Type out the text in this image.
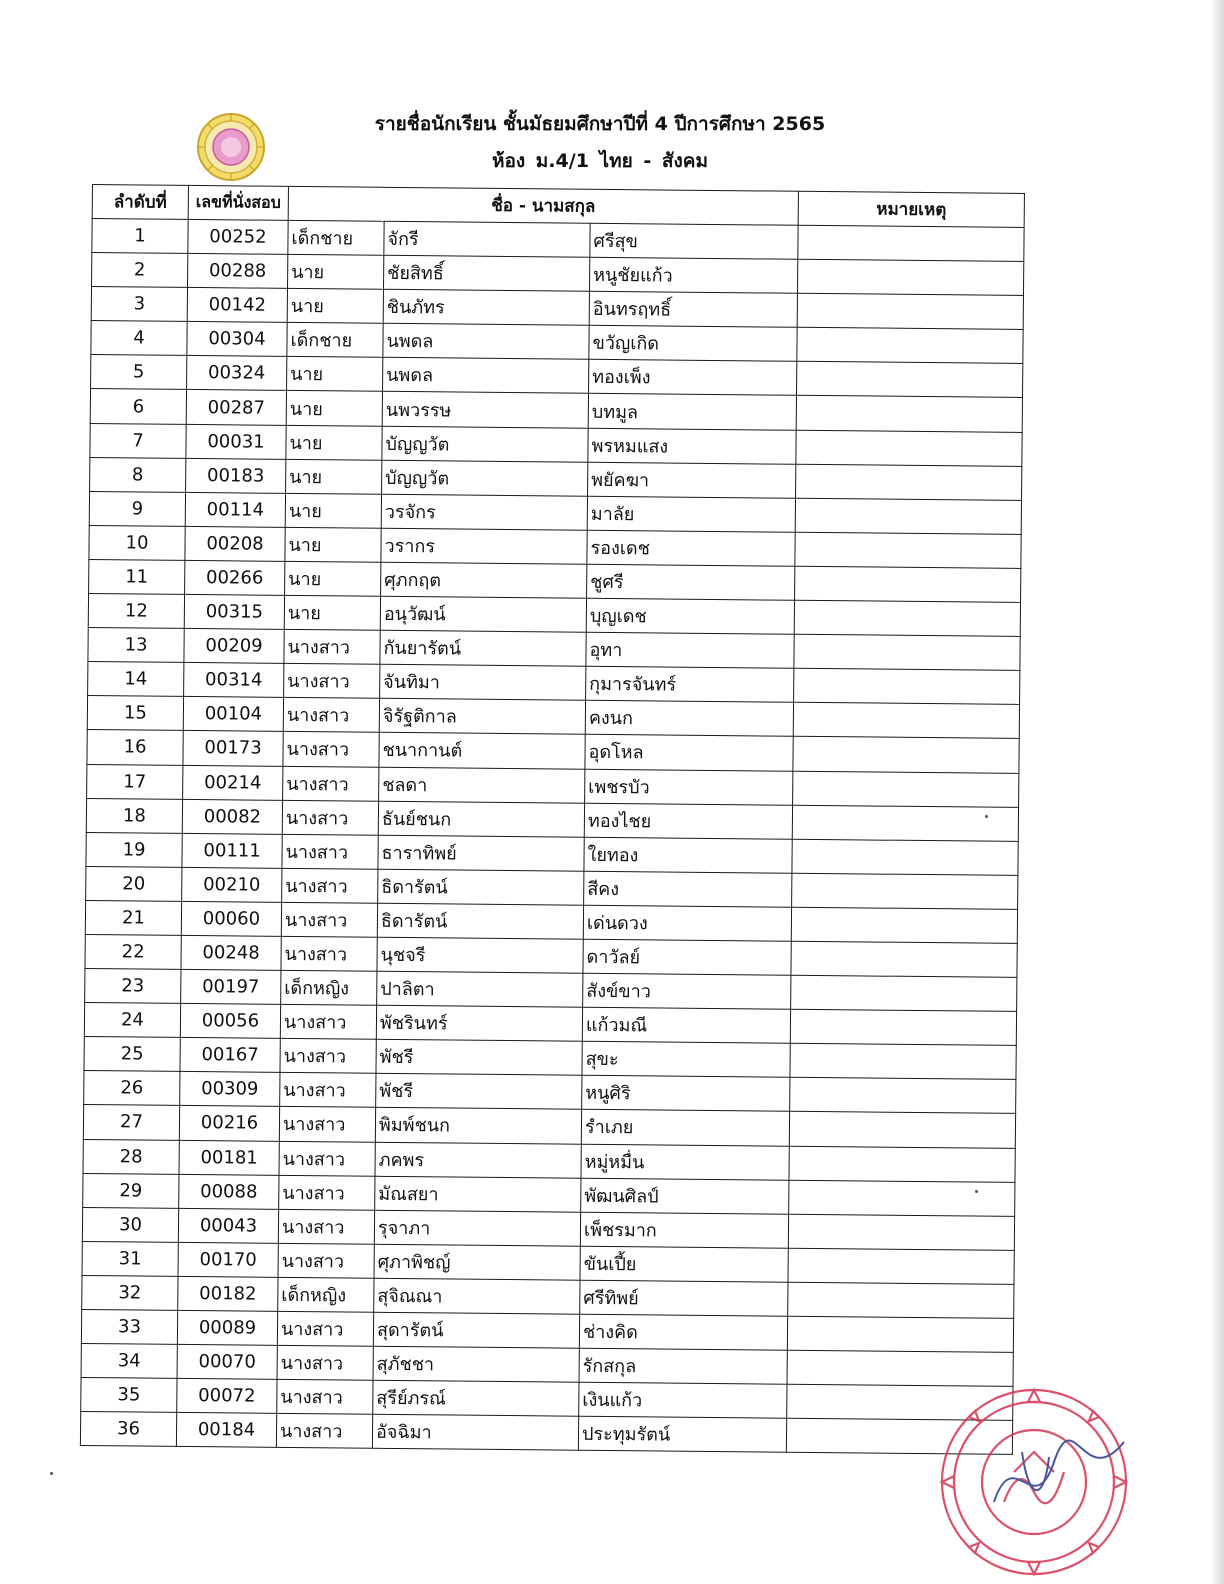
รายชื่อนักเรียน ชั้นมัธยมศึกษาปีที่ 4 ปีการศึกษา 2565
ห้อง ม.4/1 ไทย - สังคม
ลำดับที่	เลขที่นั่งสอบ	ชื่อ - นามสกุล			หมายเหตุ
1	00252	เด็กชาย	จักรี	ศรีสุข	
2	00288	นาย	ชัยสิทธิ์	หนูชัยแก้ว	
3	00142	นาย	ชินภัทร	อินทรฤทธิ์	
4	00304	เด็กชาย	นพดล	ขวัญเกิด	
5	00324	นาย	นพดล	ทองเพ็ง	
6	00287	นาย	นพวรรษ	บทมูล	
7	00031	นาย	บัญญวัต	พรหมแสง	
8	00183	นาย	บัญญวัต	พยัคฆา	
9	00114	นาย	วรจักร	มาลัย	
10	00208	นาย	วรากร	รองเดช	
11	00266	นาย	ศุภกฤต	ชูศรี	
12	00315	นาย	อนุวัฒน์	บุญเดช	
13	00209	นางสาว	กันยารัตน์	อุทา	
14	00314	นางสาว	จันทิมา	กุมารจันทร์	
15	00104	นางสาว	จิรัฐติกาล	คงนก	
16	00173	นางสาว	ชนากานต์	อุดโหล	
17	00214	นางสาว	ชลดา	เพชรบัว	
18	00082	นางสาว	ธันย์ชนก	ทองไชย	
19	00111	นางสาว	ธาราทิพย์	ใยทอง	
20	00210	นางสาว	ธิดารัตน์	สีคง	
21	00060	นางสาว	ธิดารัตน์	เด่นดวง	
22	00248	นางสาว	นุชจรี	ดาวัลย์	
23	00197	เด็กหญิง	ปาลิตา	สังข์ขาว	
24	00056	นางสาว	พัชรินทร์	แก้วมณี	
25	00167	นางสาว	พัชรี	สุขะ	
26	00309	นางสาว	พัชรี	หนูศิริ	
27	00216	นางสาว	พิมพ์ชนก	รำเภย	
28	00181	นางสาว	ภคพร	หมู่หมื่น	
29	00088	นางสาว	มัณสยา	พัฒนศิลป์	
30	00043	นางสาว	รุจาภา	เพ็ชรมาก	
31	00170	นางสาว	ศุภาพิชญ์	ขันเปี้ย	
32	00182	เด็กหญิง	สุจิณณา	ศรีทิพย์	
33	00089	นางสาว	สุดารัตน์	ช่างคิด	
34	00070	นางสาว	สุภัชชา	รักสกุล	
35	00072	นางสาว	สุรีย์ภรณ์	เงินแก้ว	
36	00184	นางสาว	อัจฉิมา	ประทุมรัตน์	
